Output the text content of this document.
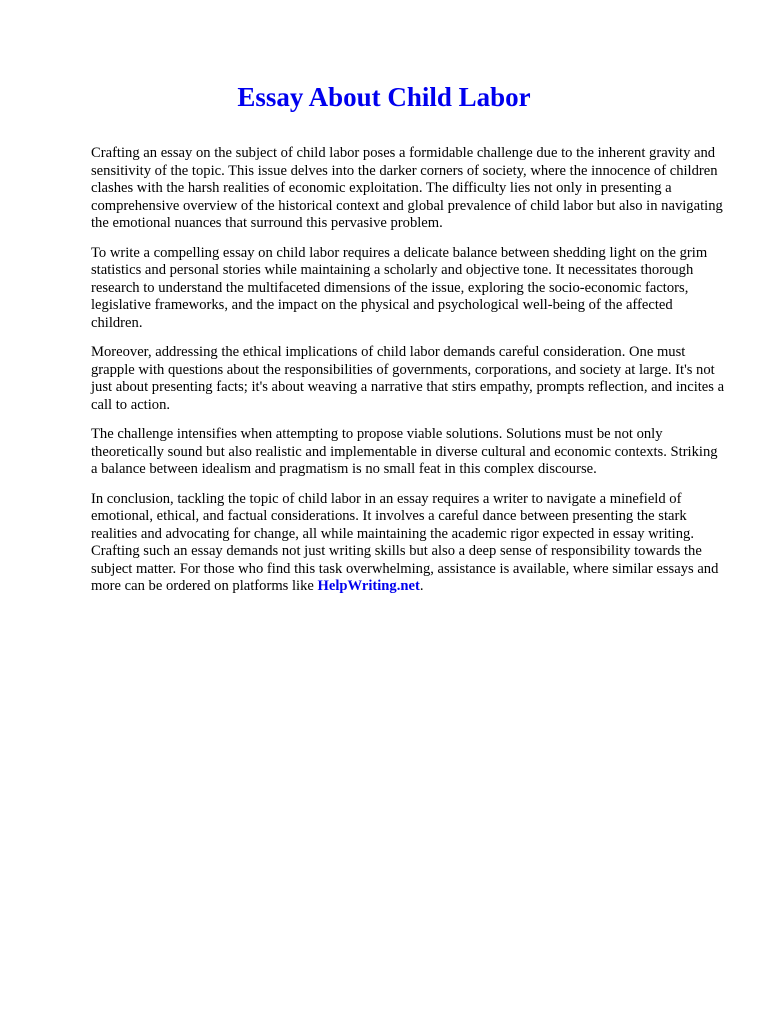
Essay About Child Labor

Crafting an essay on the subject of child labor poses a formidable challenge due to the inherent gravity and sensitivity of the topic. This issue delves into the darker corners of society, where the innocence of children clashes with the harsh realities of economic exploitation. The difficulty lies not only in presenting a comprehensive overview of the historical context and global prevalence of child labor but also in navigating the emotional nuances that surround this pervasive problem.

To write a compelling essay on child labor requires a delicate balance between shedding light on the grim statistics and personal stories while maintaining a scholarly and objective tone. It necessitates thorough research to understand the multifaceted dimensions of the issue, exploring the socio-economic factors, legislative frameworks, and the impact on the physical and psychological well-being of the affected children.

Moreover, addressing the ethical implications of child labor demands careful consideration. One must grapple with questions about the responsibilities of governments, corporations, and society at large. It's not just about presenting facts; it's about weaving a narrative that stirs empathy, prompts reflection, and incites a call to action.

The challenge intensifies when attempting to propose viable solutions. Solutions must be not only theoretically sound but also realistic and implementable in diverse cultural and economic contexts. Striking a balance between idealism and pragmatism is no small feat in this complex discourse.

In conclusion, tackling the topic of child labor in an essay requires a writer to navigate a minefield of emotional, ethical, and factual considerations. It involves a careful dance between presenting the stark realities and advocating for change, all while maintaining the academic rigor expected in essay writing. Crafting such an essay demands not just writing skills but also a deep sense of responsibility towards the subject matter. For those who find this task overwhelming, assistance is available, where similar essays and more can be ordered on platforms like HelpWriting.net.
